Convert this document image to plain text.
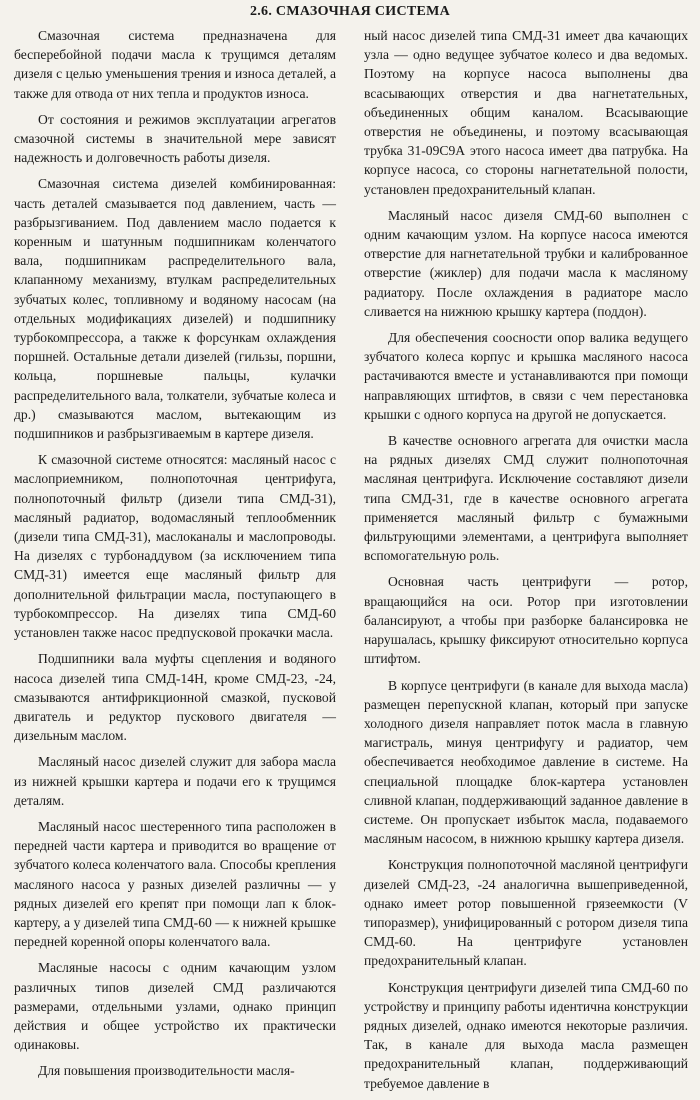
2.6. СМАЗОЧНАЯ СИСТЕМА

Смазочная система предназначена для бесперебойной подачи масла к трущимся деталям дизеля с целью уменьшения трения и износа деталей, а также для отвода от них тепла и продуктов износа.

От состояния и режимов эксплуатации агрегатов смазочной системы в значительной мере зависят надежность и долговечность работы дизеля.

Смазочная система дизелей комбинированная: часть деталей смазывается под давлением, часть — разбрызгиванием. Под давлением масло подается к коренным и шатунным подшипникам коленчатого вала, подшипникам распределительного вала, клапанному механизму, втулкам распределительных зубчатых колес, топливному и водяному насосам (на отдельных модификациях дизелей) и подшипнику турбокомпрессора, а также к форсункам охлаждения поршней. Остальные детали дизелей (гильзы, поршни, кольца, поршневые пальцы, кулачки распределительного вала, толкатели, зубчатые колеса и др.) смазываются маслом, вытекающим из подшипников и разбрызгиваемым в картере дизеля.

К смазочной системе относятся: масляный насос с маслоприемником, полнопоточная центрифуга, полнопоточный фильтр (дизели типа СМД-31), масляный радиатор, водомасляный теплообменник (дизели типа СМД-31), маслоканалы и маслопроводы. На дизелях с турбонаддувом (за исключением типа СМД-31) имеется еще масляный фильтр для дополнительной фильтрации масла, поступающего в турбокомпрессор. На дизелях типа СМД-60 установлен также насос предпусковой прокачки масла.

Подшипники вала муфты сцепления и водяного насоса дизелей типа СМД-14Н, кроме СМД-23, -24, смазываются антифрикционной смазкой, пусковой двигатель и редуктор пускового двигателя — дизельным маслом.

Масляный насос дизелей служит для забора масла из нижней крышки картера и подачи его к трущимся деталям.

Масляный насос шестеренного типа расположен в передней части картера и приводится во вращение от зубчатого колеса коленчатого вала. Способы крепления масляного насоса у разных дизелей различны — у рядных дизелей его крепят при помощи лап к блок-картеру, а у дизелей типа СМД-60 — к нижней крышке передней коренной опоры коленчатого вала.

Масляные насосы с одним качающим узлом различных типов дизелей СМД различаются размерами, отдельными узлами, однако принцип действия и общее устройство их практически одинаковы.

Для повышения производительности масля-

ный насос дизелей типа СМД-31 имеет два качающих узла — одно ведущее зубчатое колесо и два ведомых. Поэтому на корпусе насоса выполнены два всасывающих отверстия и два нагнетательных, объединенных общим каналом. Всасывающие отверстия не объединены, и поэтому всасывающая трубка 31-09С9А этого насоса имеет два патрубка. На корпусе насоса, со стороны нагнетательной полости, установлен предохранительный клапан.

Масляный насос дизеля СМД-60 выполнен с одним качающим узлом. На корпусе насоса имеются отверстие для нагнетательной трубки и калиброванное отверстие (жиклер) для подачи масла к масляному радиатору. После охлаждения в радиаторе масло сливается на нижнюю крышку картера (поддон).

Для обеспечения соосности опор валика ведущего зубчатого колеса корпус и крышка масляного насоса растачиваются вместе и устанавливаются при помощи направляющих штифтов, в связи с чем перестановка крышки с одного корпуса на другой не допускается.

В качестве основного агрегата для очистки масла на рядных дизелях СМД служит полнопоточная масляная центрифуга. Исключение составляют дизели типа СМД-31, где в качестве основного агрегата применяется масляный фильтр с бумажными фильтрующими элементами, а центрифуга выполняет вспомогательную роль.

Основная часть центрифуги — ротор, вращающийся на оси. Ротор при изготовлении балансируют, а чтобы при разборке балансировка не нарушалась, крышку фиксируют относительно корпуса штифтом.

В корпусе центрифуги (в канале для выхода масла) размещен перепускной клапан, который при запуске холодного дизеля направляет поток масла в главную магистраль, минуя центрифугу и радиатор, чем обеспечивается необходимое давление в системе. На специальной площадке блок-картера установлен сливной клапан, поддерживающий заданное давление в системе. Он пропускает избыток масла, подаваемого масляным насосом, в нижнюю крышку картера дизеля.

Конструкция полнопоточной масляной центрифуги дизелей СМД-23, -24 аналогична вышеприведенной, однако имеет ротор повышенной грязеемкости (V типоразмер), унифицированный с ротором дизеля типа СМД-60. На центрифуге установлен предохранительный клапан.

Конструкция центрифуги дизелей типа СМД-60 по устройству и принципу работы идентична конструкции рядных дизелей, однако имеются некоторые различия. Так, в канале для выхода масла размещен предохранительный клапан, поддерживающий требуемое давление в
